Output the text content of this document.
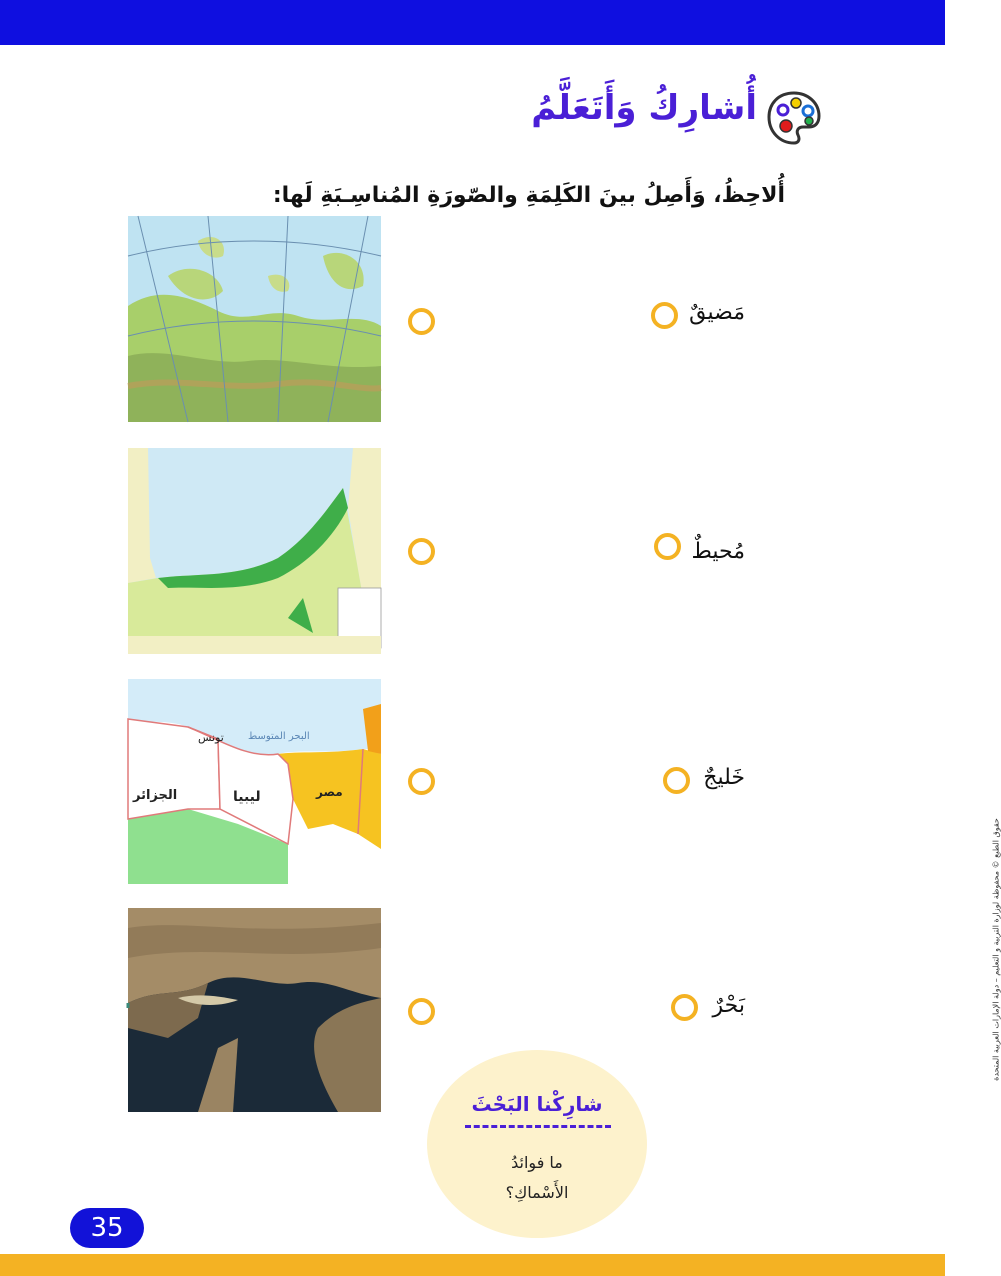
أُشارِكُ وَأَتَعَلَّمُ
أُلاحِظُ، وَأَصِلُ بينَ الكَلِمَةِ والصّورَةِ المُناسِـبَةِ لَها:
تونس البحر المتوسط
الجزائر	ليبيا	مصر
مَضيقٌ
مُحيطٌ
خَليجٌ
بَحْرٌ
شارِكْنا البَحْثَ
ما فوائدُ
الأَسْماكِ؟
حقوق الطبع © محفوظة لوزارة التربية و التعليم – دولة الإمارات العربية المتحدة
35
